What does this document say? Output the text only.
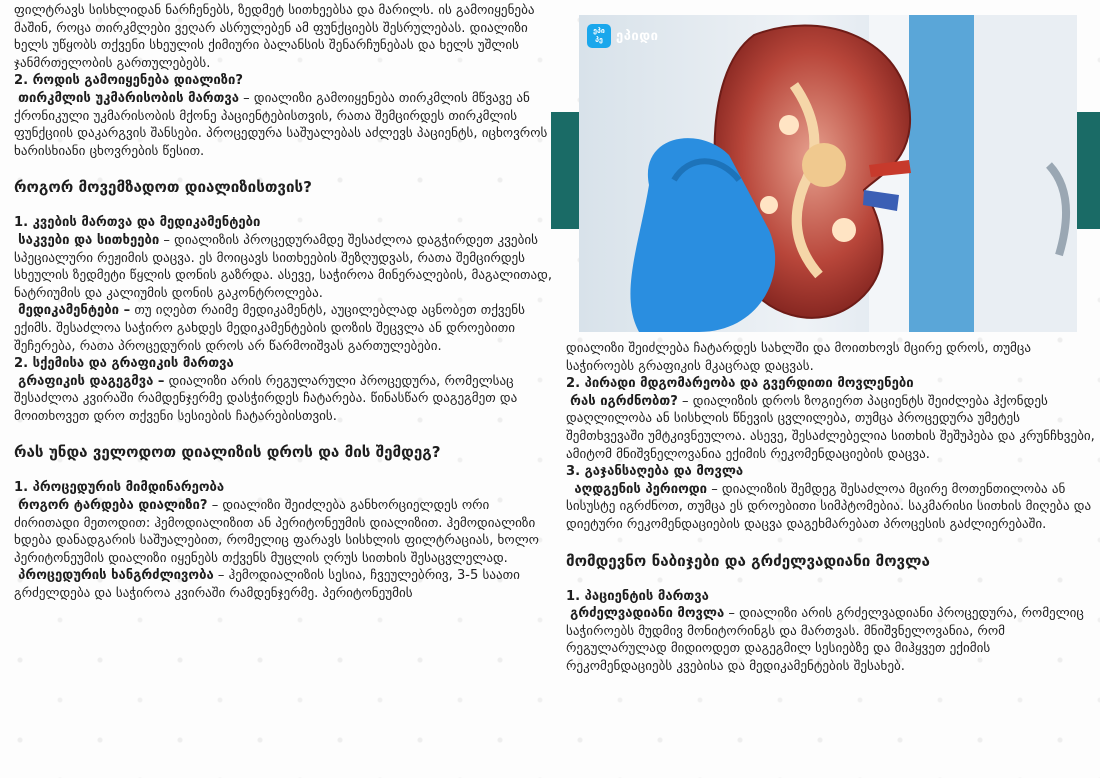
ფილტრავს სისხლიდან ნარჩენებს, ზედმეტ სითხეებსა და მარილს. ის გამოიყენება მაშინ, როცა თირკმლები ვეღარ ასრულებენ ამ ფუნქციებს შესრულებას. დიალიზი ხელს უწყობს თქვენი სხეულის ქიმიური ბალანსის შენარჩუნებას და ხელს უშლის ჯანმრთელობის გართულებებს.

2. როდის გამოიყენება დიალიზი?

თირკმლის უკმარისობის მართვა – დიალიზი გამოიყენება თირკმლის მწვავე ან ქრონიკული უკმარისობის მქონე პაციენტებისთვის, რათა შემცირდეს თირკმლის ფუნქციის დაკარგვის შანსები. პროცედურა საშუალებას აძლევს პაციენტს, იცხოვროს ხარისხიანი ცხოვრების წესით.

როგორ მოვემზადოთ დიალიზისთვის?

1. კვების მართვა და მედიკამენტები

საკვები და სითხეები – დიალიზის პროცედურამდე შესაძლოა დაგჭირდეთ კვების სპეციალური რეჟიმის დაცვა. ეს მოიცავს სითხეების შეზღუდვას, რათა შემცირდეს სხეულის ზედმეტი წყლის დონის გაზრდა. ასევე, საჭიროა მინერალების, მაგალითად, ნატრიუმის და კალიუმის დონის გაკონტროლება.

მედიკამენტები – თუ იღებთ რაიმე მედიკამენტს, აუცილებლად აცნობეთ თქვენს ექიმს. შესაძლოა საჭირო გახდეს მედიკამენტების დოზის შეცვლა ან დროებითი შეჩერება, რათა პროცედურის დროს არ წარმოიშვას გართულებები.

2. სქემისა და გრაფიკის მართვა

გრაფიკის დაგეგმვა – დიალიზი არის რეგულარული პროცედურა, რომელსაც შესაძლოა კვირაში რამდენჯერმე დასჭირდეს ჩატარება. წინასწარ დაგეგმეთ და მოითხოვეთ დრო თქვენი სესიების ჩატარებისთვის.

რას უნდა ველოდოთ დიალიზის დროს და მის შემდეგ?

1. პროცედურის მიმდინარეობა

როგორ ტარდება დიალიზი? – დიალიზი შეიძლება განხორციელდეს ორი ძირითადი მეთოდით: ჰემოდიალიზით ან პერიტონეუმის დიალიზით. ჰემოდიალიზი ხდება დანადგარის საშუალებით, რომელიც ფარავს სისხლის ფილტრაციას, ხოლო პერიტონეუმის დიალიზი იყენებს თქვენს მუცლის ღრუს სითხის შესაცვლელად.

პროცედურის ხანგრძლივობა – ჰემოდიალიზის სესია, ჩვეულებრივ, 3-5 საათი გრძელდება და საჭიროა კვირაში რამდენჯერმე. პერიტონეუმის

ეპი
პე	ეპიდი

დიალიზი შეიძლება ჩატარდეს სახლში და მოითხოვს მცირე დროს, თუმცა საჭიროებს გრაფიკის მკაცრად დაცვას.

2. პირადი მდგომარეობა და გვერდითი მოვლენები

რას იგრძნობთ? – დიალიზის დროს ზოგიერთ პაციენტს შეიძლება ჰქონდეს დაღლილობა ან სისხლის წნევის ცვლილება, თუმცა პროცედურა უმეტეს შემთხვევაში უმტკივნეულოა. ასევე, შესაძლებელია სითხის შეშუპება და კრუნჩხვები, ამიტომ მნიშვნელოვანია ექიმის რეკომენდაციების დაცვა.

3. გაჯანსაღება და მოვლა

აღდგენის პერიოდი – დიალიზის შემდეგ შესაძლოა მცირე მოთენთილობა ან სისუსტე იგრძნოთ, თუმცა ეს დროებითი სიმპტომებია. საკმარისი სითხის მიღება და დიეტური რეკომენდაციების დაცვა დაგეხმარებათ პროცესის გაძლიერებაში.

მომდევნო ნაბიჯები და გრძელვადიანი მოვლა

1. პაციენტის მართვა

გრძელვადიანი მოვლა – დიალიზი არის გრძელვადიანი პროცედურა, რომელიც საჭიროებს მუდმივ მონიტორინგს და მართვას. მნიშვნელოვანია, რომ რეგულარულად მიდიოდეთ დაგეგმილ სესიებზე და მიჰყვეთ ექიმის რეკომენდაციებს კვებისა და მედიკამენტების შესახებ.
